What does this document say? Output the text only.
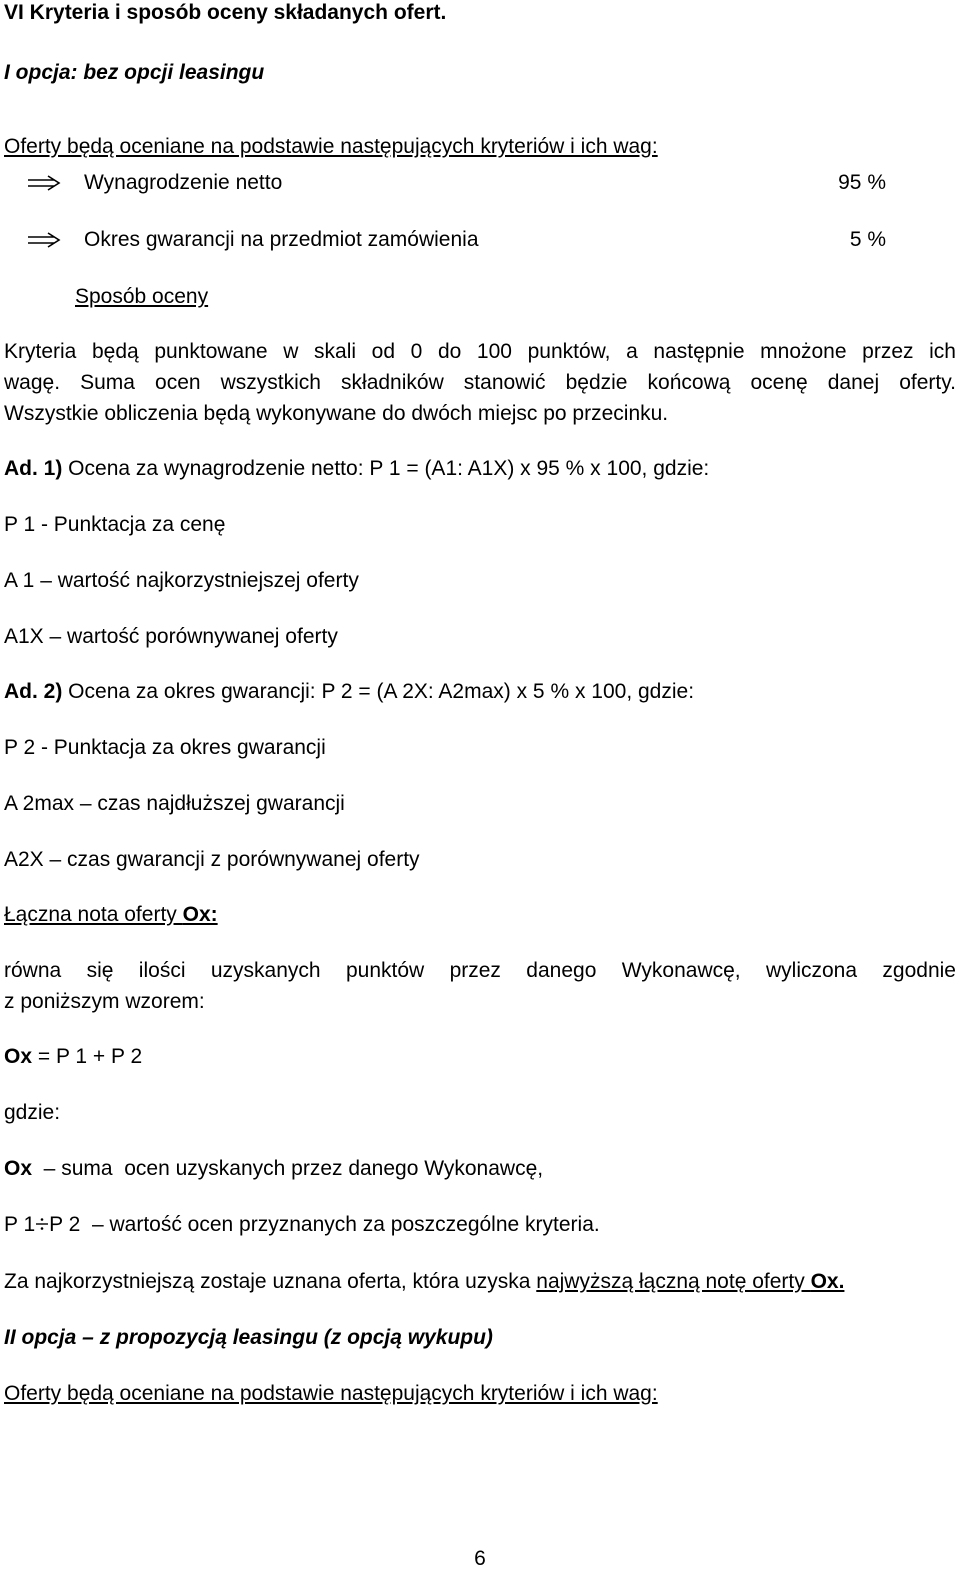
VI Kryteria i sposób oceny składanych ofert.
I opcja: bez opcji leasingu
Oferty będą oceniane na podstawie następujących kryteriów i ich wag:
Wynagrodzenie netto	95 %
Okres gwarancji na przedmiot zamówienia	5 %
Sposób oceny
Kryteria będą punktowane w skali od 0 do 100 punktów, a następnie mnożone przez ich
wagę. Suma ocen wszystkich składników stanowić będzie końcową ocenę danej oferty.
Wszystkie obliczenia będą wykonywane do dwóch miejsc po przecinku.
Ad. 1) Ocena za wynagrodzenie netto: P 1 = (A1: A1X) x 95 % x 100, gdzie:
P 1 - Punktacja za cenę
A 1 – wartość najkorzystniejszej oferty
A1X – wartość porównywanej oferty
Ad. 2) Ocena za okres gwarancji: P 2 = (A 2X: A2max) x 5 % x 100, gdzie:
P 2 - Punktacja za okres gwarancji
A 2max – czas najdłuższej gwarancji
A2X – czas gwarancji z porównywanej oferty
Łączna nota oferty Ox:
równa się ilości uzyskanych punktów przez danego Wykonawcę, wyliczona zgodnie
z poniższym wzorem:
Ox = P 1 + P 2
gdzie:
Ox  – suma  ocen uzyskanych przez danego Wykonawcę,
P 1 P 2  – wartość ocen przyznanych za poszczególne kryteria.
Za najkorzystniejszą zostaje uznana oferta, która uzyska najwyższą łączną notę oferty Ox.
II opcja – z propozycją leasingu (z opcją wykupu)
Oferty będą oceniane na podstawie następujących kryteriów i ich wag:
6
